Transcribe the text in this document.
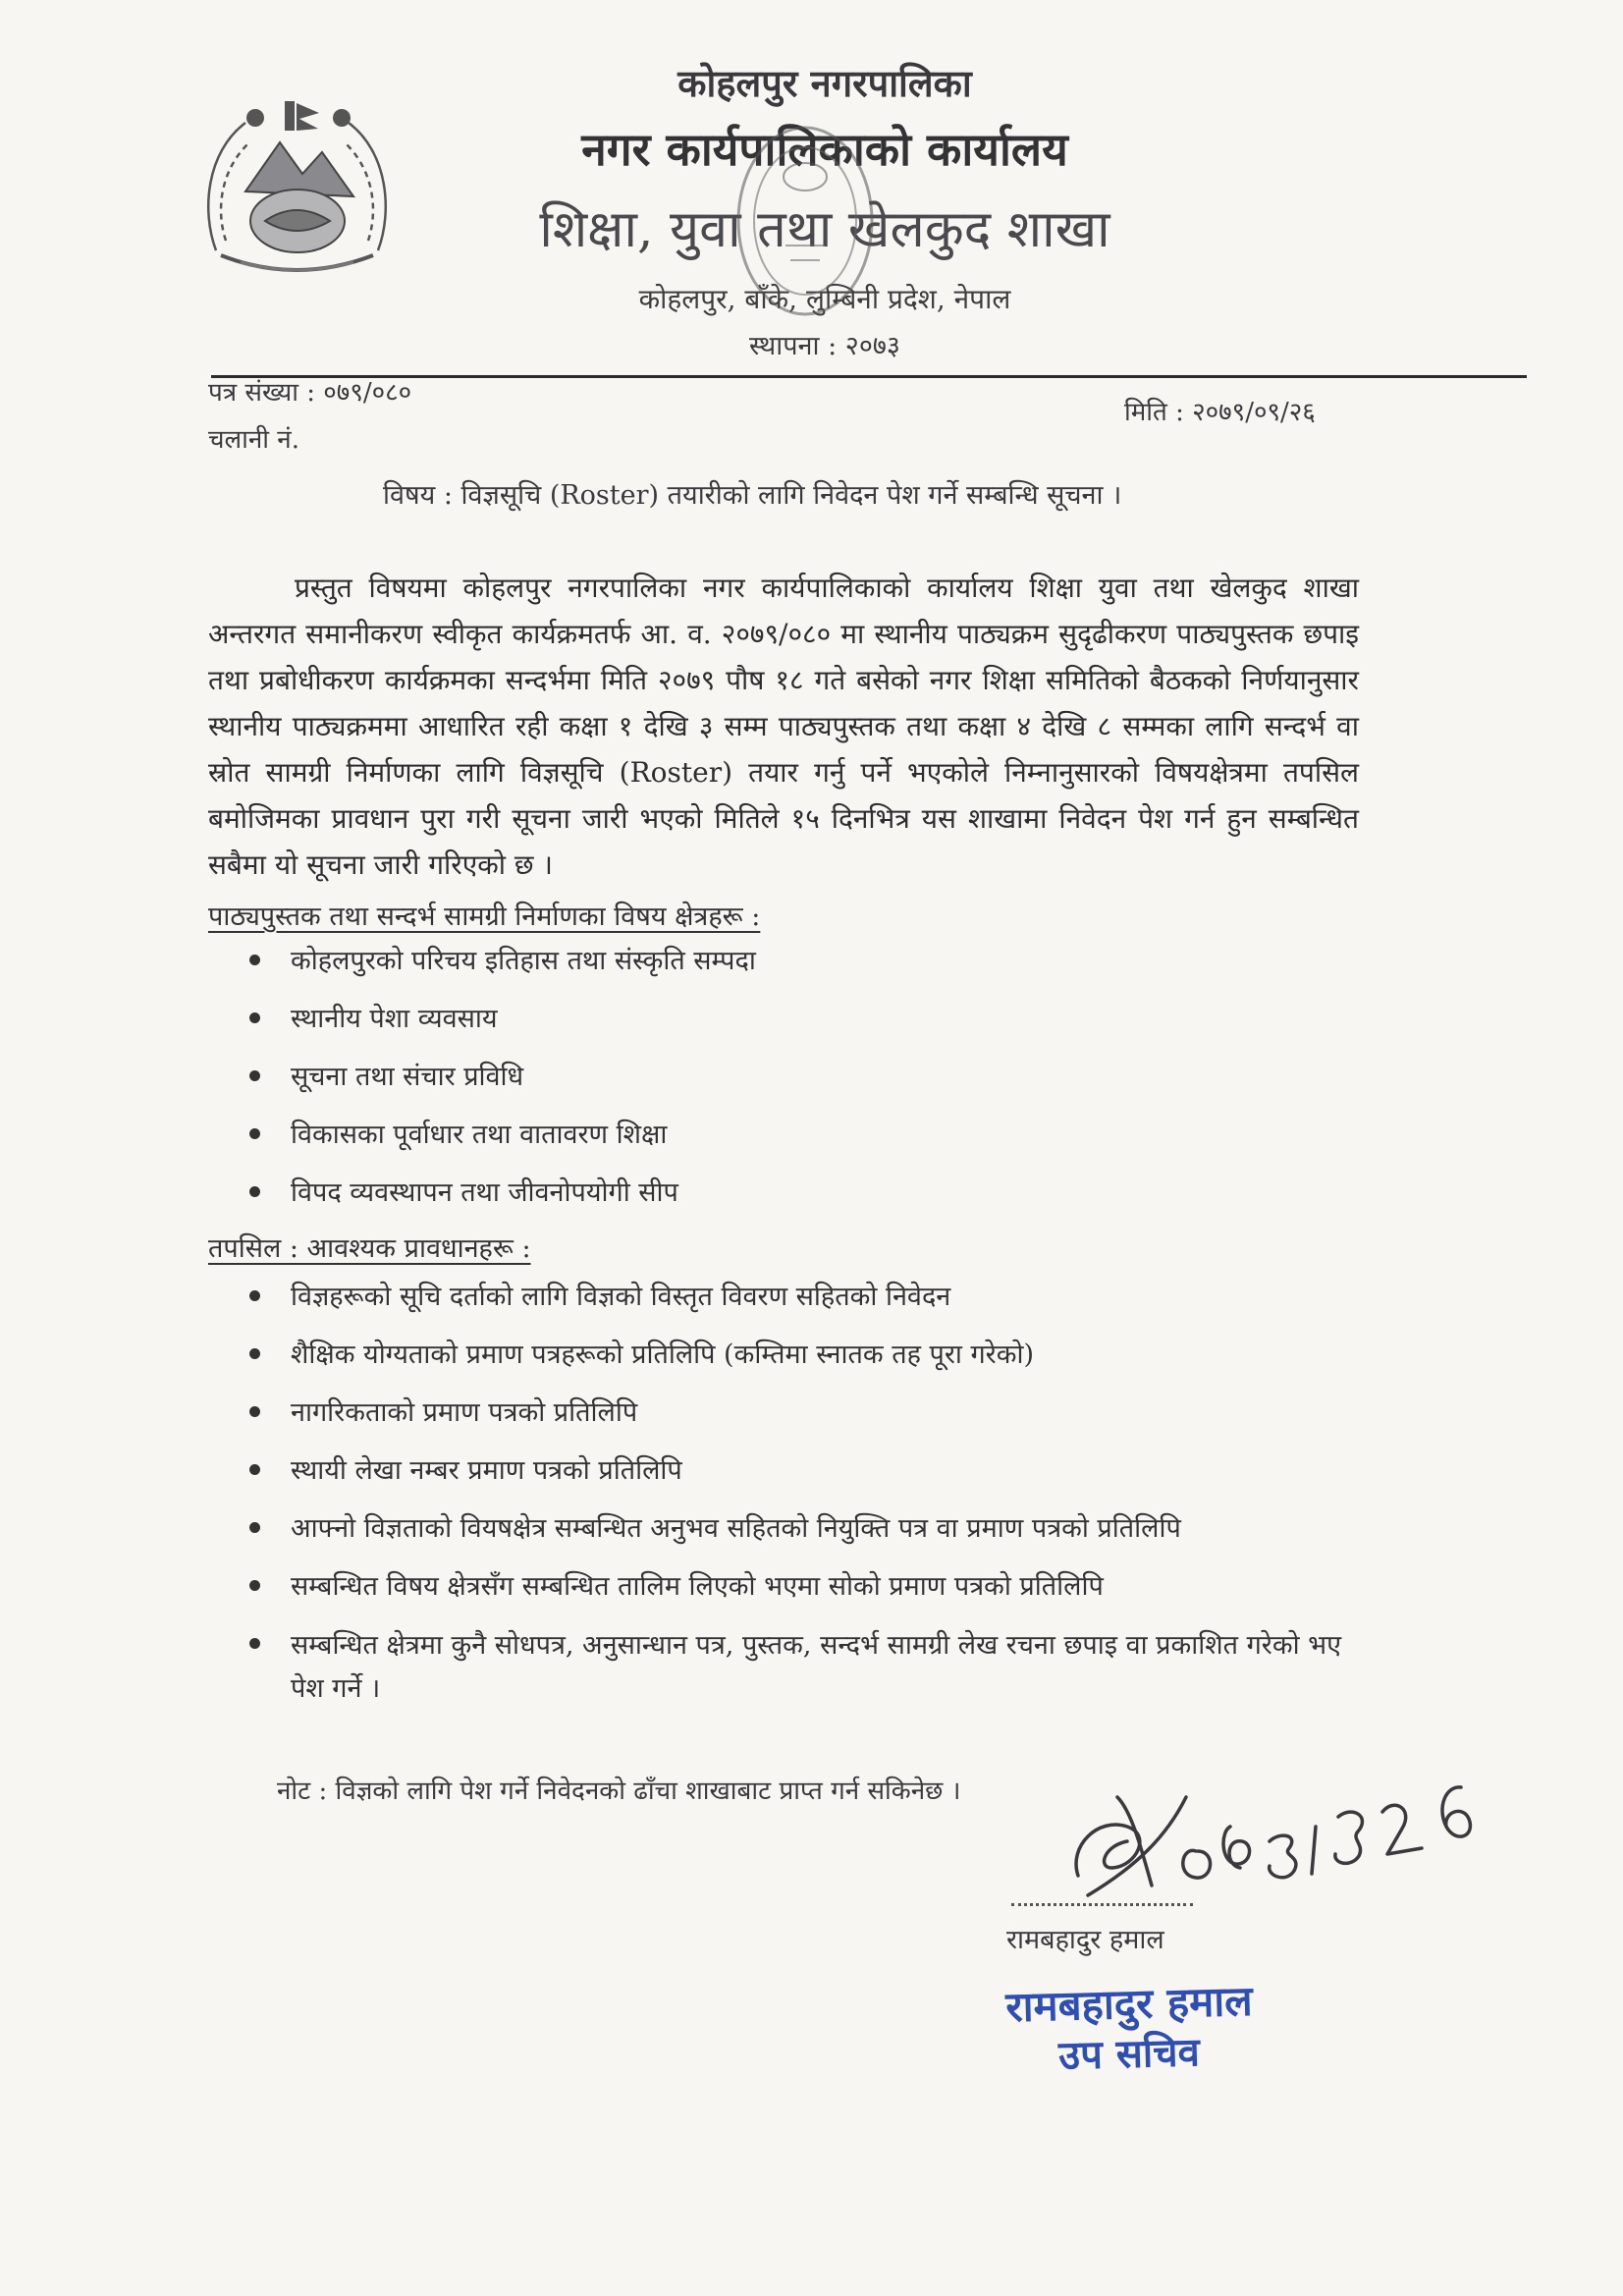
कोहलपुर नगरपालिका
नगर कार्यपालिकाको कार्यालय
शिक्षा, युवा तथा खेलकुद शाखा
कोहलपुर, बाँके, लुम्बिनी प्रदेश, नेपाल
स्थापना : २०७३
पत्र संख्या : ०७९/०८०
चलानी नं.
मिति : २०७९/०९/२६
विषय : विज्ञसूचि (Roster) तयारीको लागि निवेदन पेश गर्ने सम्बन्धि सूचना ।

प्रस्तुत विषयमा कोहलपुर नगरपालिका नगर कार्यपालिकाको कार्यालय शिक्षा युवा तथा खेलकुद शाखा अन्तरगत समानीकरण स्वीकृत कार्यक्रमतर्फ आ. व. २०७९/०८० मा स्थानीय पाठ्यक्रम सुदृढीकरण पाठ्यपुस्तक छपाइ तथा प्रबोधीकरण कार्यक्रमका सन्दर्भमा मिति २०७९ पौष १८ गते बसेको नगर शिक्षा समितिको बैठकको निर्णयानुसार स्थानीय पाठ्यक्रममा आधारित रही कक्षा १ देखि ३ सम्म पाठ्यपुस्तक तथा कक्षा ४ देखि ८ सम्मका लागि सन्दर्भ वा स्रोत सामग्री निर्माणका लागि विज्ञसूचि (Roster) तयार गर्नु पर्ने भएकोले निम्नानुसारको विषयक्षेत्रमा तपसिल बमोजिमका प्रावधान पुरा गरी सूचना जारी भएको मितिले १५ दिनभित्र यस शाखामा निवेदन पेश गर्न हुन सम्बन्धित सबैमा यो सूचना जारी गरिएको छ ।

पाठ्यपुस्तक तथा सन्दर्भ सामग्री निर्माणका विषय क्षेत्रहरू :
कोहलपुरको परिचय इतिहास तथा संस्कृति सम्पदा
स्थानीय पेशा व्यवसाय
सूचना तथा संचार प्रविधि
विकासका पूर्वाधार तथा वातावरण शिक्षा
विपद व्यवस्थापन तथा जीवनोपयोगी सीप
तपसिल : आवश्यक प्रावधानहरू :
विज्ञहरूको सूचि दर्ताको लागि विज्ञको विस्तृत विवरण सहितको निवेदन
शैक्षिक योग्यताको प्रमाण पत्रहरूको प्रतिलिपि (कम्तिमा स्नातक तह पूरा गरेको)
नागरिकताको प्रमाण पत्रको प्रतिलिपि
स्थायी लेखा नम्बर प्रमाण पत्रको प्रतिलिपि
आफ्नो विज्ञताको वियषक्षेत्र सम्बन्धित अनुभव सहितको नियुक्ति पत्र वा प्रमाण पत्रको प्रतिलिपि
सम्बन्धित विषय क्षेत्रसँग सम्बन्धित तालिम लिएको भएमा सोको प्रमाण पत्रको प्रतिलिपि
सम्बन्धित क्षेत्रमा कुनै सोधपत्र, अनुसान्धान पत्र, पुस्तक, सन्दर्भ सामग्री लेख रचना छपाइ वा प्रकाशित गरेको भए पेश गर्ने ।
नोट : विज्ञको लागि पेश गर्ने निवेदनको ढाँचा शाखाबाट प्राप्त गर्न सकिनेछ ।
रामबहादुर हमाल
रामबहादुर हमाल
उप सचिव
